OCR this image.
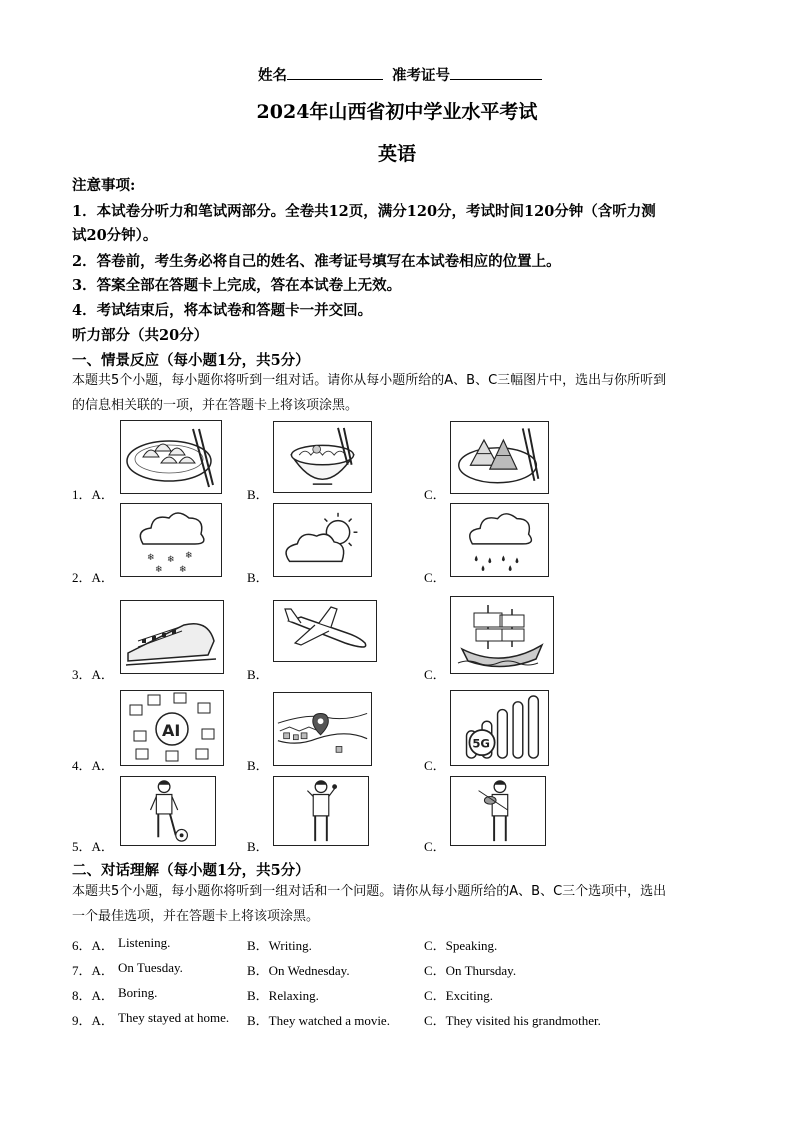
姓名	准考证号
2024年山西省初中学业水平考试
英语
注意事项:
1．本试卷分听力和笔试两部分。全卷共12页，满分120分，考试时间120分钟（含听力测
试20分钟）。
2．答卷前，考生务必将自己的姓名、准考证号填写在本试卷相应的位置上。
3．答案全部在答题卡上完成，答在本试卷上无效。
4．考试结束后，将本试卷和答题卡一并交回。
听力部分（共20分）
一、情景反应（每小题1分，共5分）
本题共5个小题，每小题你将听到一组对话。请你从每小题所给的A、B、C三幅图片中，选出与你所听到
的信息相关联的一项，并在答题卡上将该项涂黑。
1．A．	B．	C．
2．A．	B．	C．
❄ ❄ ❄
❄ ❄
3．A．	B．	C．
4．A．	B．	C．
AI
5G
5．A．	B．	C．
二、对话理解（每小题1分，共5分）
本题共5个小题，每小题你将听到一组对话和一个问题。请你从每小题所给的A、B、C三个选项中，选出
一个最佳选项，并在答题卡上将该项涂黑。
6．A． Listening.	B．Writing.	C．Speaking.
7．A． On Tuesday.	B．On Wednesday.	C．On Thursday.
8．A． Boring.	B．Relaxing.	C．Exciting.
9．A． They stayed at home. B．They watched a movie.	C．They visited his grandmother.
